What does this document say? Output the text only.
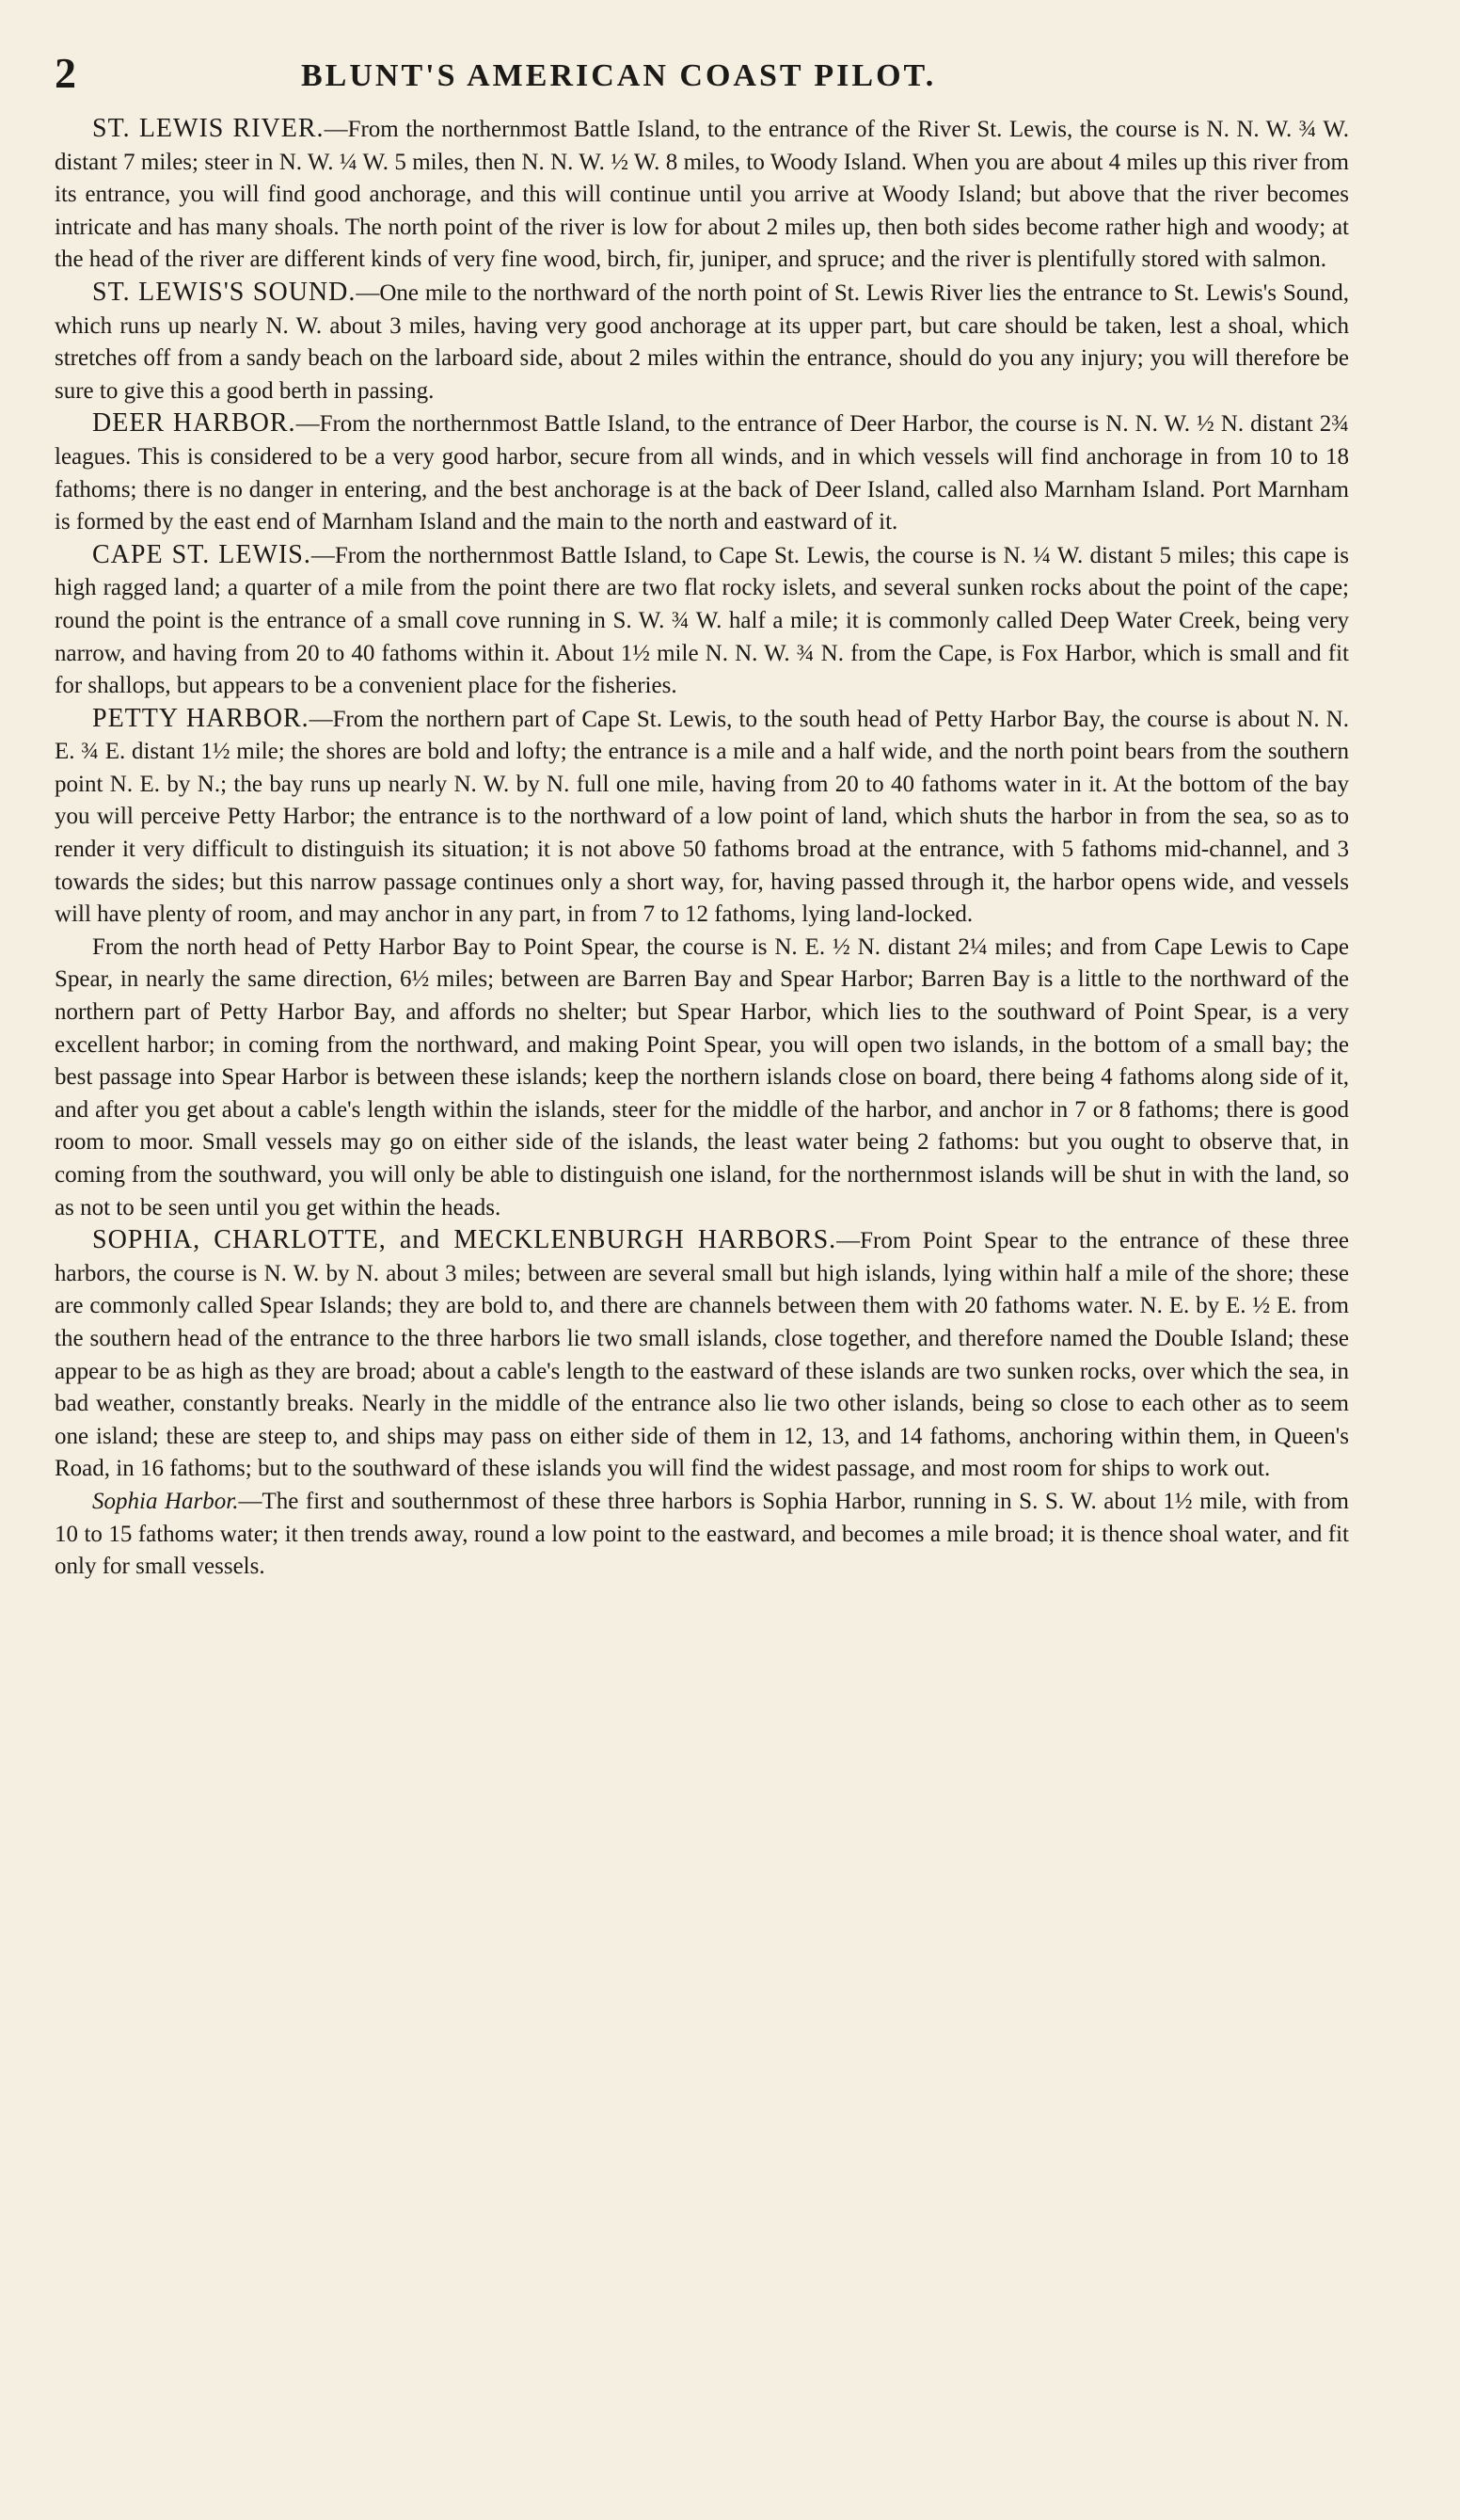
2	BLUNT'S AMERICAN COAST PILOT.

ST. LEWIS RIVER.—From the northernmost Battle Island, to the entrance of the River St. Lewis, the course is N. N. W. ¾ W. distant 7 miles; steer in N. W. ¼ W. 5 miles, then N. N. W. ½ W. 8 miles, to Woody Island. When you are about 4 miles up this river from its entrance, you will find good anchorage, and this will continue until you arrive at Woody Island; but above that the river becomes intricate and has many shoals. The north point of the river is low for about 2 miles up, then both sides become rather high and woody; at the head of the river are different kinds of very fine wood, birch, fir, juniper, and spruce; and the river is plentifully stored with salmon.

ST. LEWIS'S SOUND.—One mile to the northward of the north point of St. Lewis River lies the entrance to St. Lewis's Sound, which runs up nearly N. W. about 3 miles, having very good anchorage at its upper part, but care should be taken, lest a shoal, which stretches off from a sandy beach on the larboard side, about 2 miles within the entrance, should do you any injury; you will therefore be sure to give this a good berth in passing.

DEER HARBOR.—From the northernmost Battle Island, to the entrance of Deer Harbor, the course is N. N. W. ½ N. distant 2¾ leagues. This is considered to be a very good harbor, secure from all winds, and in which vessels will find anchorage in from 10 to 18 fathoms; there is no danger in entering, and the best anchorage is at the back of Deer Island, called also Marnham Island. Port Marnham is formed by the east end of Marnham Island and the main to the north and eastward of it.

CAPE ST. LEWIS.—From the northernmost Battle Island, to Cape St. Lewis, the course is N. ¼ W. distant 5 miles; this cape is high ragged land; a quarter of a mile from the point there are two flat rocky islets, and several sunken rocks about the point of the cape; round the point is the entrance of a small cove running in S. W. ¾ W. half a mile; it is commonly called Deep Water Creek, being very narrow, and having from 20 to 40 fathoms within it. About 1½ mile N. N. W. ¾ N. from the Cape, is Fox Harbor, which is small and fit for shallops, but appears to be a convenient place for the fisheries.

PETTY HARBOR.—From the northern part of Cape St. Lewis, to the south head of Petty Harbor Bay, the course is about N. N. E. ¾ E. distant 1½ mile; the shores are bold and lofty; the entrance is a mile and a half wide, and the north point bears from the southern point N. E. by N.; the bay runs up nearly N. W. by N. full one mile, having from 20 to 40 fathoms water in it. At the bottom of the bay you will perceive Petty Harbor; the entrance is to the northward of a low point of land, which shuts the harbor in from the sea, so as to render it very difficult to distinguish its situation; it is not above 50 fathoms broad at the entrance, with 5 fathoms mid-channel, and 3 towards the sides; but this narrow passage continues only a short way, for, having passed through it, the harbor opens wide, and vessels will have plenty of room, and may anchor in any part, in from 7 to 12 fathoms, lying land-locked.

From the north head of Petty Harbor Bay to Point Spear, the course is N. E. ½ N. distant 2¼ miles; and from Cape Lewis to Cape Spear, in nearly the same direction, 6½ miles; between are Barren Bay and Spear Harbor; Barren Bay is a little to the northward of the northern part of Petty Harbor Bay, and affords no shelter; but Spear Harbor, which lies to the southward of Point Spear, is a very excellent harbor; in coming from the northward, and making Point Spear, you will open two islands, in the bottom of a small bay; the best passage into Spear Harbor is between these islands; keep the northern islands close on board, there being 4 fathoms along side of it, and after you get about a cable's length within the islands, steer for the middle of the harbor, and anchor in 7 or 8 fathoms; there is good room to moor. Small vessels may go on either side of the islands, the least water being 2 fathoms: but you ought to observe that, in coming from the southward, you will only be able to distinguish one island, for the northernmost islands will be shut in with the land, so as not to be seen until you get within the heads.

SOPHIA, CHARLOTTE, and MECKLENBURGH HARBORS.—From Point Spear to the entrance of these three harbors, the course is N. W. by N. about 3 miles; between are several small but high islands, lying within half a mile of the shore; these are commonly called Spear Islands; they are bold to, and there are channels between them with 20 fathoms water. N. E. by E. ½ E. from the southern head of the entrance to the three harbors lie two small islands, close together, and therefore named the Double Island; these appear to be as high as they are broad; about a cable's length to the eastward of these islands are two sunken rocks, over which the sea, in bad weather, constantly breaks. Nearly in the middle of the entrance also lie two other islands, being so close to each other as to seem one island; these are steep to, and ships may pass on either side of them in 12, 13, and 14 fathoms, anchoring within them, in Queen's Road, in 16 fathoms; but to the southward of these islands you will find the widest passage, and most room for ships to work out.

Sophia Harbor.—The first and southernmost of these three harbors is Sophia Harbor, running in S. S. W. about 1½ mile, with from 10 to 15 fathoms water; it then trends away, round a low point to the eastward, and becomes a mile broad; it is thence shoal water, and fit only for small vessels.
